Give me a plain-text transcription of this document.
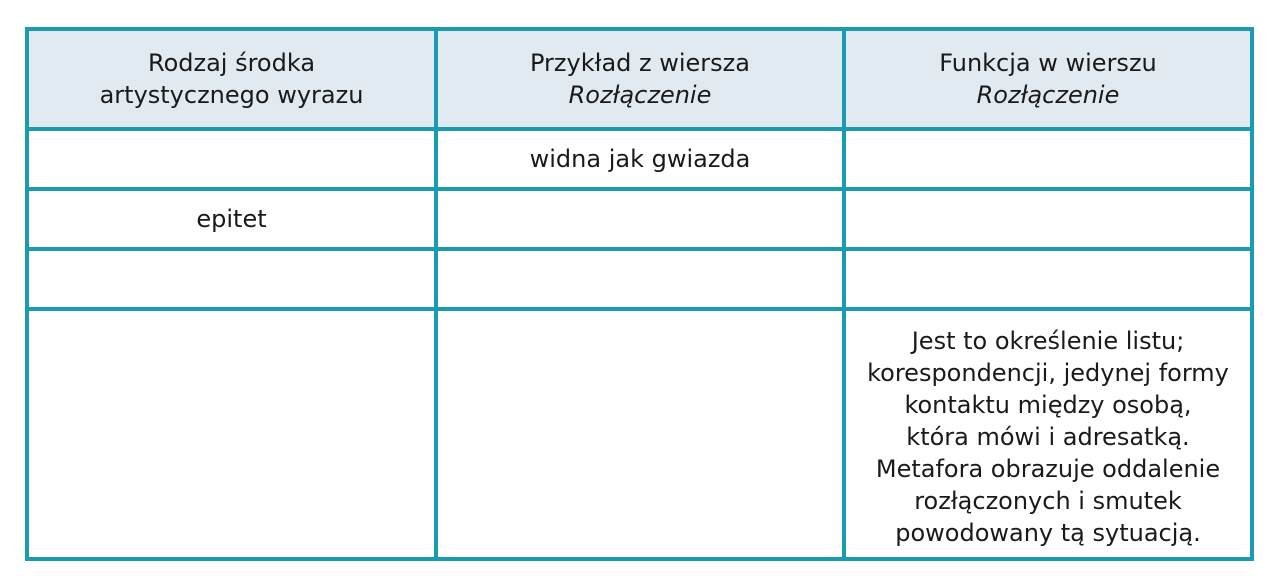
Rodzaj środka
artystycznego wyrazu
Przykład z wiersza
Rozłączenie
Funkcja w wierszu
Rozłączenie
widna jak gwiazda
epitet
Jest to określenie listu;
korespondencji, jedynej formy
kontaktu między osobą,
która mówi i adresatką.
Metafora obrazuje oddalenie
rozłączonych i smutek
powodowany tą sytuacją.
